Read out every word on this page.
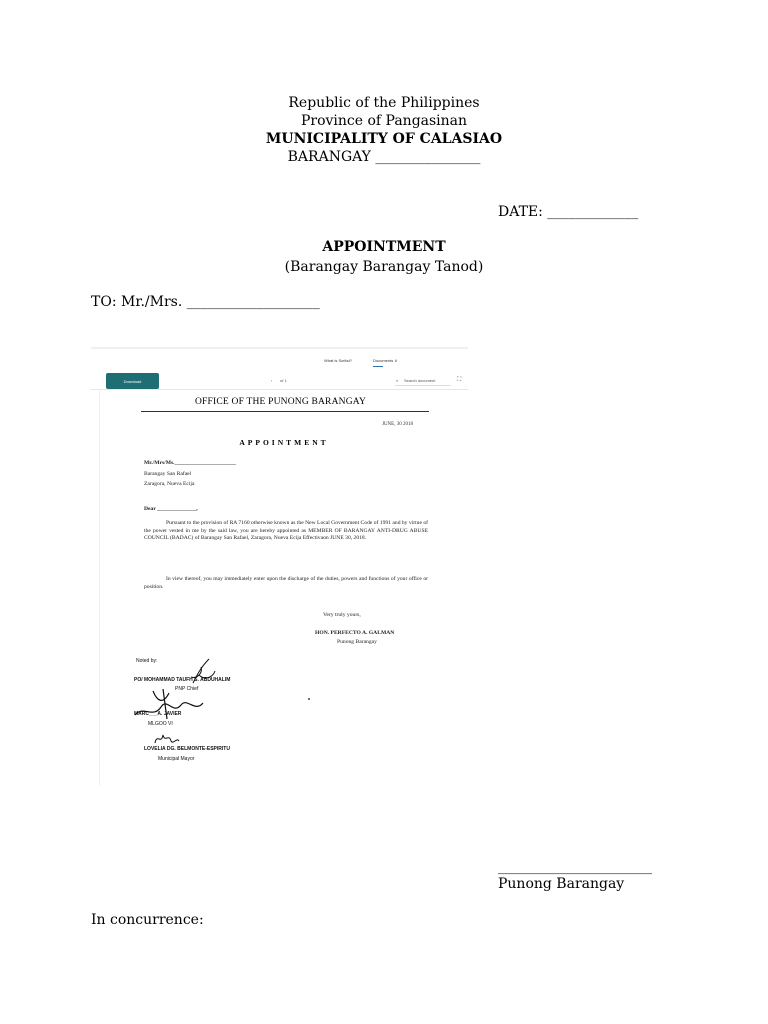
Republic of the Philippines
Province of Pangasinan
MUNICIPALITY OF CALASIAO
BARANGAY _______________
DATE: _____________
APPOINTMENT
(Barangay Barangay Tanod)
TO: Mr./Mrs. ___________________
What is Scribd?	Documents ∨
Download	‹ of 1	⌕ Search document	⛶
OFFICE OF THE PUNONG BARANGAY
JUNE, 30 2018
APPOINTMENT
Mr./Mrs/Ms.______________________
Barangay San Rafael
Zaragora, Nueva Ecija
Dear ______________,
Pursuant to the provision of RA 7160 otherwise known as the New Local Government Code of 1991 and by virtue of the power vested in me by the said law, you are hereby appointed as MEMBER OF BARANGAY ANTI-DRUG ABUSE COUNCIL (BADAC) of Barangay San Rafael, Zaragora, Nueva Ecija Effectivaon JUNE 30, 2018.
In view thereof, you may immediately enter upon the discharge of the duties, powers and functions of your office or position.
Very truly yours,
HON. PERFECTO A. GALMAN
Punong Barangay
Noted by:
PO/ MOHAMMAD TAUFH S. ABDUHALIM
PNP Chief
MARC___A. JAVIER
MLGOO VI
LOVELIA DG. BELMONTE-ESPIRITU
Municipal Mayor
______________________
Punong Barangay
In concurrence:
